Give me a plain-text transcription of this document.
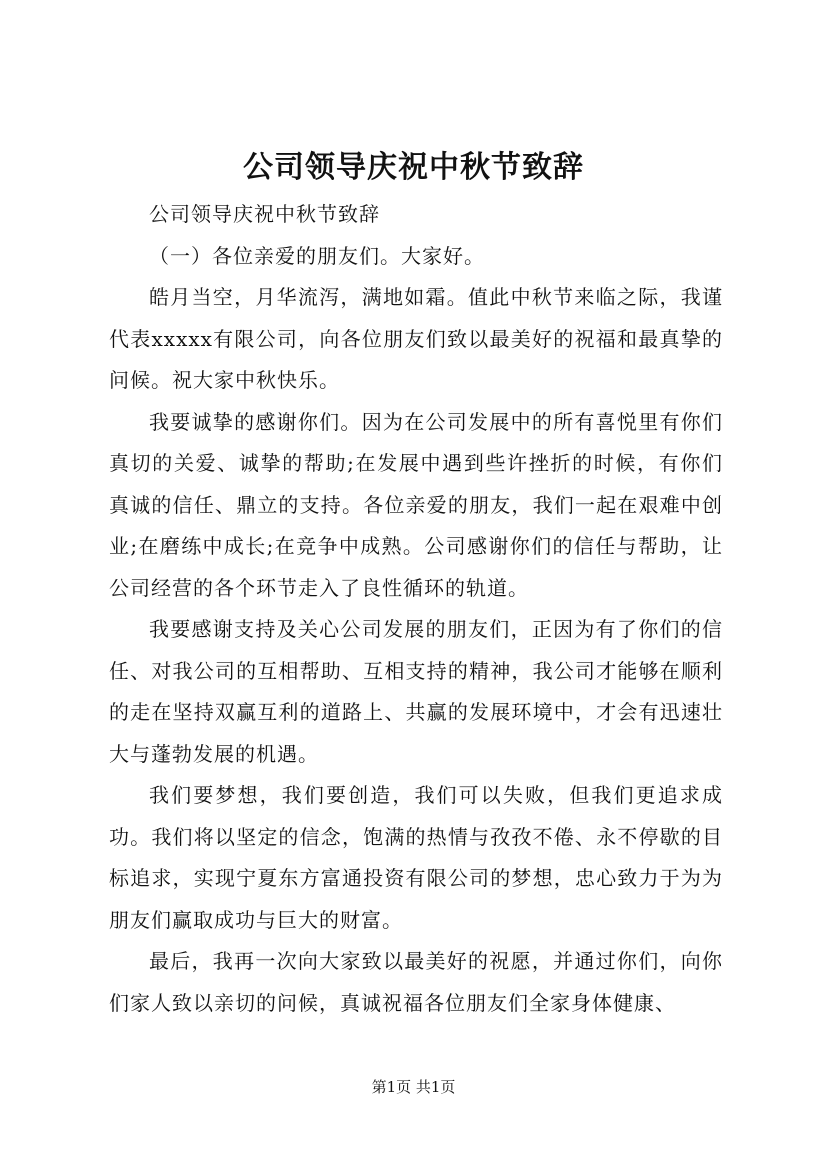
公司领导庆祝中秋节致辞

公司领导庆祝中秋节致辞

（一）各位亲爱的朋友们。大家好。

皓月当空，月华流泻，满地如霜。值此中秋节来临之际，我谨代表xxxxx有限公司，向各位朋友们致以最美好的祝福和最真挚的问候。祝大家中秋快乐。

我要诚挚的感谢你们。因为在公司发展中的所有喜悦里有你们真切的关爱、诚挚的帮助;在发展中遇到些许挫折的时候，有你们真诚的信任、鼎立的支持。各位亲爱的朋友，我们一起在艰难中创业;在磨练中成长;在竞争中成熟。公司感谢你们的信任与帮助，让公司经营的各个环节走入了良性循环的轨道。

我要感谢支持及关心公司发展的朋友们，正因为有了你们的信任、对我公司的互相帮助、互相支持的精神，我公司才能够在顺利的走在坚持双赢互利的道路上、共赢的发展环境中，才会有迅速壮大与蓬勃发展的机遇。

我们要梦想，我们要创造，我们可以失败，但我们更追求成功。我们将以坚定的信念，饱满的热情与孜孜不倦、永不停歇的目标追求，实现宁夏东方富通投资有限公司的梦想，忠心致力于为为朋友们赢取成功与巨大的财富。

最后，我再一次向大家致以最美好的祝愿，并通过你们，向你们家人致以亲切的问候，真诚祝福各位朋友们全家身体健康、

第1页 共1页
